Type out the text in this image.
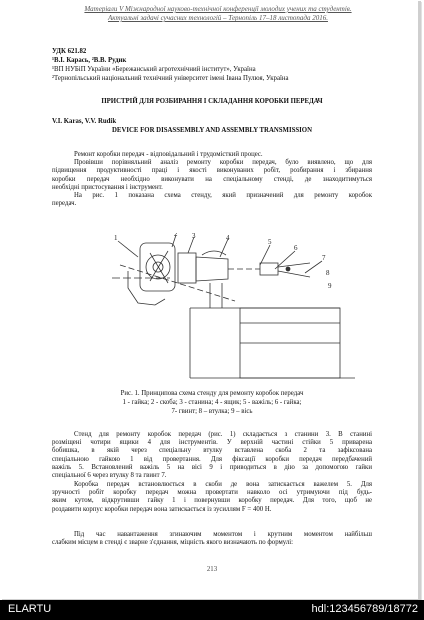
Матеріали V Міжнародної науково-технічної конференції молодих учених та студентів.
Актуальні задачі сучасних технологій – Тернопіль 17–18 листопада 2016.
УДК 621.82
¹В.І. Карась, ²В.В. Рудик
¹ВП НУБіП України «Бережанський агротехнічний інститут», Україна
²Тернопільський національний технічний університет імені Івана Пулюя, Україна
ПРИСТРІЙ ДЛЯ РОЗБИРАННЯ І СКЛАДАННЯ КОРОБКИ ПЕРЕДАЧ
V.I. Karas, V.V. Rudik
DEVICE FOR DISASSEMBLY AND ASSEMBLY TRANSMISSION
Ремонт коробки передач - відповідальний і трудомісткий процес.
Провівши порівняльний аналіз ремонту коробки передач, було виявлено, що для
підвищення продуктивності праці і якості виконуваних робіт, розбирання і збирання
коробки передач необхідно виконувати на спеціальному стенді, де знаходитимуться
необхідні пристосування і інструмент.
На рис. 1 показана схема стенду, який призначений для ремонту коробок
передач.
1	2 3	4	5
6
7
8
9
Рис. 1. Принципова схема стенду для ремонту коробок передач
1 - гайка; 2 - скоба; 3 - станина; 4 - ящик; 5 - важіль; 6 - гайка;
7- гвинт; 8 – втулка; 9 – вісь
Стенд для ремонту коробок передач (рис. 1) складається з станини 3. В станині
розміщені чотири ящики 4 для інструментів. У верхній частині стійки 5 приварена
бобишка, в якій через спеціальну втулку вставлена скоба 2 та зафіксована
спеціальною гайкою 1 від провертання. Для фіксації коробки передач передбачений
важіль 5. Встановлений важіль 5 на вісі 9 і приводиться в дію за допомогою гайки
спеціальної 6 через втулку 8 та гвинт 7.
Коробка передач встановлюється в скоби де вона затискається важелем 5. Для
зручності робіт коробку передач можна провертати навколо осі утримуючи під будь-
яким кутом, відкрутивши гайку 1 і повернувши коробку передач. Для того, щоб не
роздавити корпус коробки передач вона затискається із зусиллям F = 400 Н.
Під час навантаження згинаючим моментом і крутним моментом найбільш
слабким місцем в стенді є зварне з'єднання, міцність якого визначають по формулі:
213
ELARTU	hdl:123456789/18772
